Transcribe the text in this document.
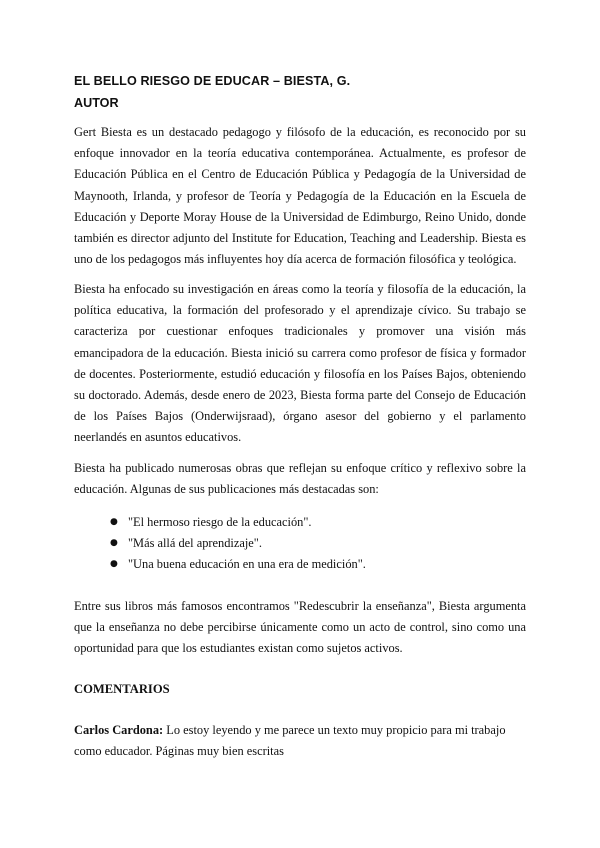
EL BELLO RIESGO DE EDUCAR – BIESTA, G.
AUTOR

Gert Biesta es un destacado pedagogo y filósofo de la educación, es reconocido por su enfoque innovador en la teoría educativa contemporánea. Actualmente, es profesor de Educación Pública en el Centro de Educación Pública y Pedagogía de la Universidad de Maynooth, Irlanda, y profesor de Teoría y Pedagogía de la Educación en la Escuela de Educación y Deporte Moray House de la Universidad de Edimburgo, Reino Unido, donde también es director adjunto del Institute for Education, Teaching and Leadership. Biesta es uno de los pedagogos más influyentes hoy día acerca de formación filosófica y teológica.

Biesta ha enfocado su investigación en áreas como la teoría y filosofía de la educación, la política educativa, la formación del profesorado y el aprendizaje cívico. Su trabajo se caracteriza por cuestionar enfoques tradicionales y promover una visión más emancipadora de la educación. Biesta inició su carrera como profesor de física y formador de docentes. Posteriormente, estudió educación y filosofía en los Países Bajos, obteniendo su doctorado. Además, desde enero de 2023, Biesta forma parte del Consejo de Educación de los Países Bajos (Onderwijsraad), órgano asesor del gobierno y el parlamento neerlandés en asuntos educativos.

Biesta ha publicado numerosas obras que reflejan su enfoque crítico y reflexivo sobre la educación. Algunas de sus publicaciones más destacadas son:

● "El hermoso riesgo de la educación".
● "Más allá del aprendizaje".
● "Una buena educación en una era de medición".

Entre sus libros más famosos encontramos "Redescubrir la enseñanza", Biesta argumenta que la enseñanza no debe percibirse únicamente como un acto de control, sino como una oportunidad para que los estudiantes existan como sujetos activos.

COMENTARIOS

Carlos Cardona: Lo estoy leyendo y me parece un texto muy propicio para mi trabajo como educador. Páginas muy bien escritas
